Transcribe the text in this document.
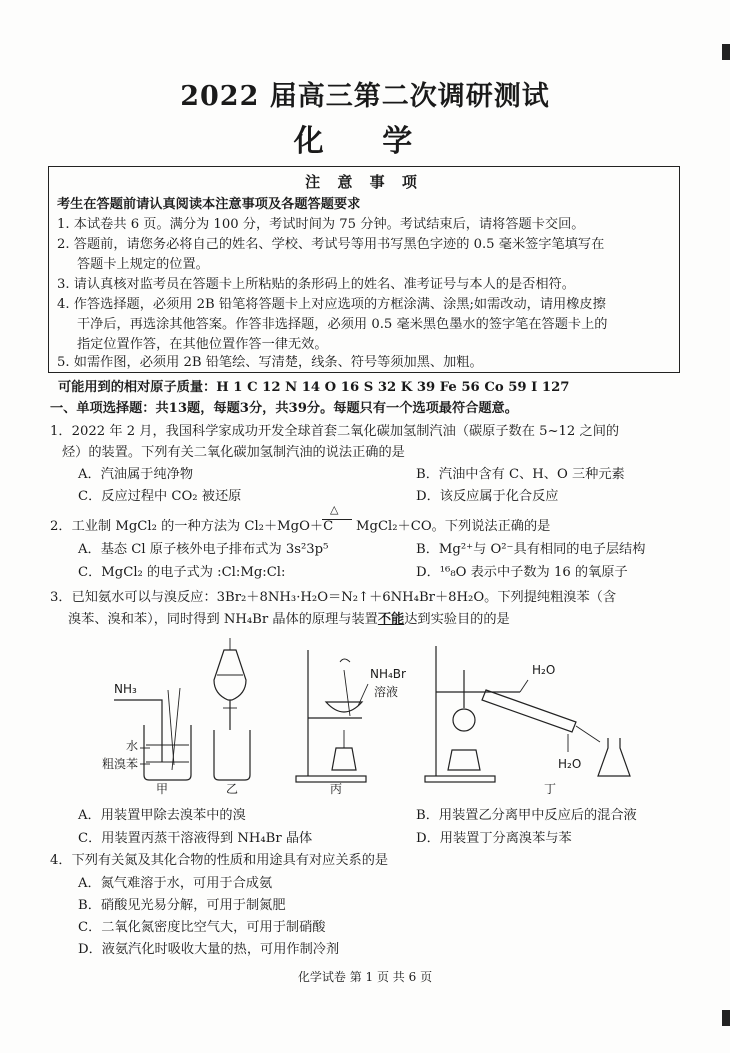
2022 届高三第二次调研测试
化 学
注 意 事 项
考生在答题前请认真阅读本注意事项及各题答题要求
1. 本试卷共 6 页。满分为 100 分，考试时间为 75 分钟。考试结束后，请将答题卡交回。
2. 答题前，请您务必将自己的姓名、学校、考试号等用书写黑色字迹的 0.5 毫米签字笔填写在
答题卡上规定的位置。
3. 请认真核对监考员在答题卡上所粘贴的条形码上的姓名、准考证号与本人的是否相符。
4. 作答选择题，必须用 2B 铅笔将答题卡上对应选项的方框涂满、涂黑;如需改动，请用橡皮擦
干净后，再选涂其他答案。作答非选择题，必须用 0.5 毫米黑色墨水的签字笔在答题卡上的
指定位置作答，在其他位置作答一律无效。
5. 如需作图，必须用 2B 铅笔绘、写清楚，线条、符号等须加黑、加粗。
可能用到的相对原子质量：H 1 C 12 N 14 O 16 S 32 K 39 Fe 56 Co 59 I 127
一、单项选择题：共13题，每题3分，共39分。每题只有一个选项最符合题意。
1．2022 年 2 月，我国科学家成功开发全球首套二氧化碳加氢制汽油（碳原子数在 5~12 之间的
烃）的装置。下列有关二氧化碳加氢制汽油的说法正确的是
A．汽油属于纯净物	B．汽油中含有 C、H、O 三种元素
C．反应过程中 CO₂ 被还原	D．该反应属于化合反应
2．工业制 MgCl₂ 的一种方法为 Cl₂＋MgO＋C
△
MgCl₂＋CO。下列说法正确的是
A．基态 Cl 原子核外电子排布式为 3s²3p⁵	B．Mg²⁺与 O²⁻具有相同的电子层结构
C．MgCl₂ 的电子式为 :Cl:Mg:Cl:	D．¹⁶₈O 表示中子数为 16 的氧原子
3．已知氨水可以与溴反应：3Br₂＋8NH₃·H₂O＝N₂↑＋6NH₄Br＋8H₂O。下列提纯粗溴苯（含
溴苯、溴和苯），同时得到 NH₄Br 晶体的原理与装置不能达到实验目的的是
NH₃
水
粗溴苯
甲	乙
NH₄Br
溶液
丙
H₂O
H₂O
丁
A．用装置甲除去溴苯中的溴	B．用装置乙分离甲中反应后的混合液
C．用装置丙蒸干溶液得到 NH₄Br 晶体	D．用装置丁分离溴苯与苯
4．下列有关氮及其化合物的性质和用途具有对应关系的是
A．氮气难溶于水，可用于合成氨
B．硝酸见光易分解，可用于制氮肥
C．二氧化氮密度比空气大，可用于制硝酸
D．液氨汽化时吸收大量的热，可用作制冷剂
化学试卷 第 1 页 共 6 页
